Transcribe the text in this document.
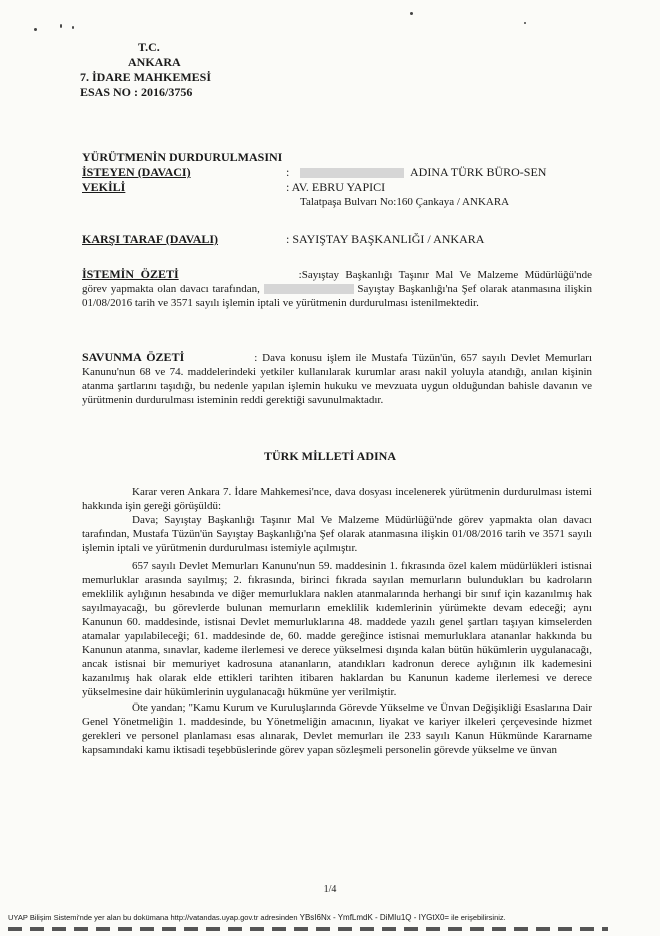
T.C.
ANKARA
7. İDARE MAHKEMESİ
ESAS NO : 2016/3756
YÜRÜTMENİN DURDURULMASINI
İSTEYEN (DAVACI)	:	ADINA TÜRK BÜRO-SEN
VEKİLİ	: AV. EBRU YAPICI
Talatpaşa Bulvarı No:160 Çankaya / ANKARA
KARŞI TARAF (DAVALI)	: SAYIŞTAY BAŞKANLIĞI / ANKARA

İSTEMİN ÖZETİ	:Sayıştay Başkanlığı Taşınır Mal Ve Malzeme Müdürlüğü'nde görev yapmakta olan davacı tarafından,	Sayıştay Başkanlığı'na Şef olarak atanmasına ilişkin 01/08/2016 tarih ve 3571 sayılı işlemin iptali ve yürütmenin durdurulması istenilmektedir.

SAVUNMA ÖZETİ	: Dava konusu işlem ile Mustafa Tüzün'ün, 657 sayılı Devlet Memurları Kanunu'nun 68 ve 74. maddelerindeki yetkiler kullanılarak kurumlar arası nakil yoluyla atandığı, anılan kişinin atanma şartlarını taşıdığı, bu nedenle yapılan işlemin hukuku ve mevzuata uygun olduğundan bahisle davanın ve yürütmenin durdurulması isteminin reddi gerektiği savunulmaktadır.

TÜRK MİLLETİ ADINA

Karar veren Ankara 7. İdare Mahkemesi'nce, dava dosyası incelenerek yürütmenin durdurulması istemi hakkında işin gereği görüşüldü:

Dava; Sayıştay Başkanlığı Taşınır Mal Ve Malzeme Müdürlüğü'nde görev yapmakta olan davacı tarafından, Mustafa Tüzün'ün Sayıştay Başkanlığı'na Şef olarak atanmasına ilişkin 01/08/2016 tarih ve 3571 sayılı işlemin iptali ve yürütmenin durdurulması istemiyle açılmıştır.

657 sayılı Devlet Memurları Kanunu'nun 59. maddesinin 1. fıkrasında özel kalem müdürlükleri istisnai memurluklar arasında sayılmış; 2. fıkrasında, birinci fıkrada sayılan memurların bulundukları bu kadroların emeklilik aylığının hesabında ve diğer memurluklara naklen atanmalarında herhangi bir sınıf için kazanılmış hak sayılmayacağı, bu görevlerde bulunan memurların emeklilik kıdemlerinin yürümekte devam edeceği; aynı Kanunun 60. maddesinde, istisnai Devlet memurluklarına 48. maddede yazılı genel şartları taşıyan kimselerden atamalar yapılabileceği; 61. maddesinde de, 60. madde gereğince istisnai memurluklara atananlar hakkında bu Kanunun atanma, sınavlar, kademe ilerlemesi ve derece yükselmesi dışında kalan bütün hükümlerin uygulanacağı, ancak istisnai bir memuriyet kadrosuna atananların, atandıkları kadronun derece aylığının ilk kademesini kazanılmış hak olarak elde ettikleri tarihten itibaren haklardan bu Kanunun kademe ilerlemesi ve derece yükselmesine dair hükümlerinin uygulanacağı hükmüne yer verilmiştir.

Öte yandan; "Kamu Kurum ve Kuruluşlarında Görevde Yükselme ve Ünvan Değişikliği Esaslarına Dair Genel Yönetmeliğin 1. maddesinde, bu Yönetmeliğin amacının, liyakat ve kariyer ilkeleri çerçevesinde hizmet gerekleri ve personel planlaması esas alınarak, Devlet memurları ile 233 sayılı Kanun Hükmünde Kararname kapsamındaki kamu iktisadi teşebbüslerinde görev yapan sözleşmeli personelin görevde yükselme ve ünvan

1/4
UYAP Bilişim Sistemi'nde yer alan bu dokümana http://vatandas.uyap.gov.tr adresinden YBsI6Nx - YmfLmdK - DiMIu1Q - IYGtX0= ile erişebilirsiniz.
